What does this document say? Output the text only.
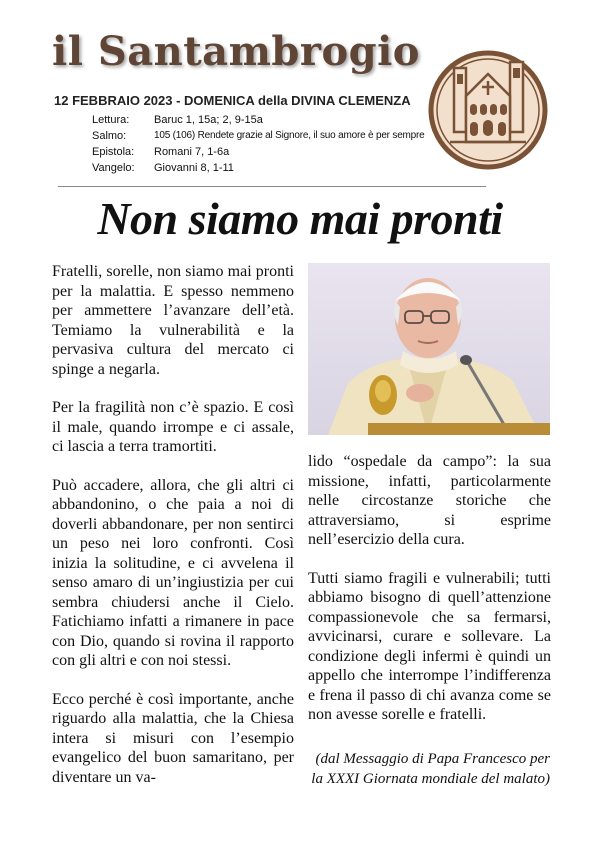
il Santambrogio
12 FEBBRAIO 2023 - DOMENICA della DIVINA CLEMENZA
Lettura:	Baruc 1, 15a; 2, 9-15a
Salmo:	105 (106) Rendete grazie al Signore, il suo amore è per sempre
Epistola:	Romani 7, 1-6a
Vangelo:	Giovanni 8, 1-11
Non siamo mai pronti

Fratelli, sorelle, non siamo mai pronti per la malattia. E spesso nemmeno per ammettere l’avanzare dell’età. Temiamo la vulnerabilità e la pervasiva cultura del mercato ci spinge a negarla.

Per la fragilità non c’è spazio. E così il male, quando irrompe e ci assale, ci lascia a terra tramortiti.

Può accadere, allora, che gli altri ci abbandonino, o che paia a noi di doverli abbandonare, per non sentirci un peso nei loro confronti. Così inizia la solitudine, e ci avvelena il senso amaro di un’ingiustizia per cui sembra chiudersi anche il Cielo. Fatichiamo infatti a rimanere in pace con Dio, quando si rovina il rapporto con gli altri e con noi stessi.

Ecco perché è così importante, anche riguardo alla malattia, che la Chiesa intera si misuri con l’esempio evangelico del buon samaritano, per diventare un va-

lido “ospedale da campo”: la sua missione, infatti, particolarmente nelle circostanze storiche che attraversiamo, si esprime nell’esercizio della cura.

Tutti siamo fragili e vulnerabili; tutti abbiamo bisogno di quell’attenzione compassionevole che sa fermarsi, avvicinarsi, curare e sollevare. La condizione degli infermi è quindi un appello che interrompe l’indifferenza e frena il passo di chi avanza come se non avesse sorelle e fratelli.

(dal Messaggio di Papa Francesco per la XXXI Giornata mondiale del malato)
